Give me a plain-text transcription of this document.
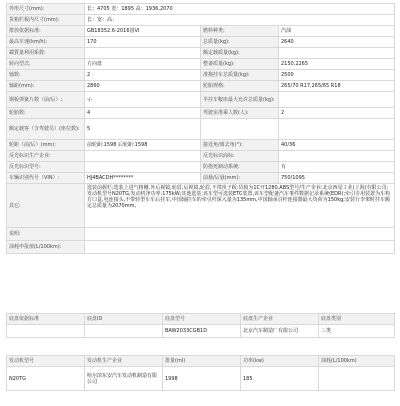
外形尺寸(mm):	长：4705 宽：1895 高：1936,2070		
货箱栏板内尺寸(mm):	长：宽：高：		
排放依据标准:	GB18352.6-2016国VI	燃料种类:	汽油
最高车速(km/h):	170	总质量(kg):	2640
載質量利用系数:		额定载质量(kg):	
转向型式:	方向盘	整备质量(kg):	2150,2265
轴数:	2	准拖挂车总质量(kg):	2500
轴距(mm):	2860	轮胎规格:	265/70 R17,265/65 R18
钢板弹簧片数（前/后）:	-/-	半挂车鞍座最大允许总质量(kg):	
轮胎数:	4	驾驶室准乘人数(人):	2
额定载客（含驾驶员）(座位数):	5		
轮距（前/后）(mm):	前轮距:1598 后轮距:1598	接近角/离去角(°):	40/36
反光标识生产企业:		反光标识商标:	
反光标识型号:		防抱死制动系统:	有
车辆识别代号（VIN）:	HJ4BACDH********	前悬/后悬(mm):	750/1095
其它:	选装前握栏;选装上进气格栅,外后视镜,轮眉,后视镜,轮眉,不带顶子板;货箱为1C开1280,ABS型号/生产企业:北京西星工业(上海)有限公司:发动机型号N20TG,发动机净功率:175kW;其他选装:该车型可选装ETC装置,该车型配备汽车事件数据记录系统(EDR);牵引专用装置为车构方口盒,电连接头,不带轻型车车后挂车,中国轴挂车的牵引杆深入量为135mm,中国轴承引杆连接器最大负荷为150kg;安装行李架时挂车额定总质量为2070mm。		
说明:			
油耗申报值(L/100km):			
底盘依据标准	底盘ID	底盘型号	底盘生产企业	底盘类别
		BAW2033CGB1D	北京汽车制造厂有限公司	三类
发动机型号	发动机生产企业	排量(ml)	功率(kw)	油耗(L/100km)
N20TG	哈尔滨东安汽车发动机制造有限公司	1998	185	
